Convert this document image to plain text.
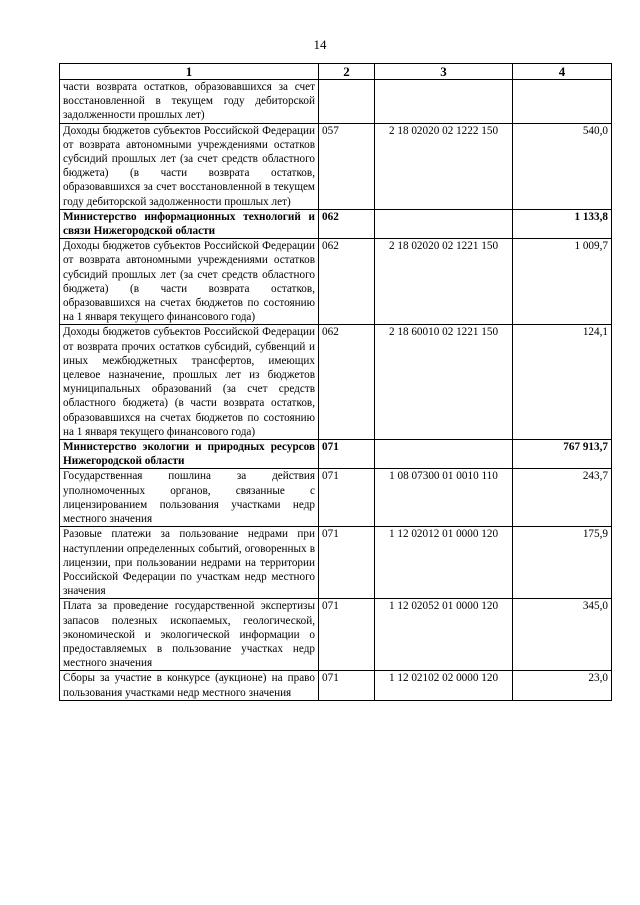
14
1	2	3	4
части возврата остатков, образовавшихся за счет восстановленной в текущем году дебиторской задолженности прошлых лет)			
Доходы бюджетов субъектов Российской Федерации от возврата автономными учреждениями остатков субсидий прошлых лет (за счет средств областного бюджета) (в части возврата остатков, образовавшихся за счет восстановленной в текущем году дебиторской задолженности прошлых лет)	057	2 18 02020 02 1222 150	540,0
Министерство информационных технологий и связи Нижегородской области	062		1 133,8
Доходы бюджетов субъектов Российской Федерации от возврата автономными учреждениями остатков субсидий прошлых лет (за счет средств областного бюджета) (в части возврата остатков, образовавшихся на счетах бюджетов по состоянию на 1 января текущего финансового года)	062	2 18 02020 02 1221 150	1 009,7
Доходы бюджетов субъектов Российской Федерации от возврата прочих остатков субсидий, субвенций и иных межбюджетных трансфертов, имеющих целевое назначение, прошлых лет из бюджетов муниципальных образований (за счет средств областного бюджета) (в части возврата остатков, образовавшихся на счетах бюджетов по состоянию на 1 января текущего финансового года)	062	2 18 60010 02 1221 150	124,1
Министерство экологии и природных ресурсов Нижегородской области	071		767 913,7
Государственная пошлина за действия уполномоченных органов, связанные с лицензированием пользования участками недр местного значения	071	1 08 07300 01 0010 110	243,7
Разовые платежи за пользование недрами при наступлении определенных событий, оговоренных в лицензии, при пользовании недрами на территории Российской Федерации по участкам недр местного значения	071	1 12 02012 01 0000 120	175,9
Плата за проведение государственной экспертизы запасов полезных ископаемых, геологической, экономической и экологической информации о предоставляемых в пользование участках недр местного значения	071	1 12 02052 01 0000 120	345,0
Сборы за участие в конкурсе (аукционе) на право пользования участками недр местного значения	071	1 12 02102 02 0000 120	23,0
